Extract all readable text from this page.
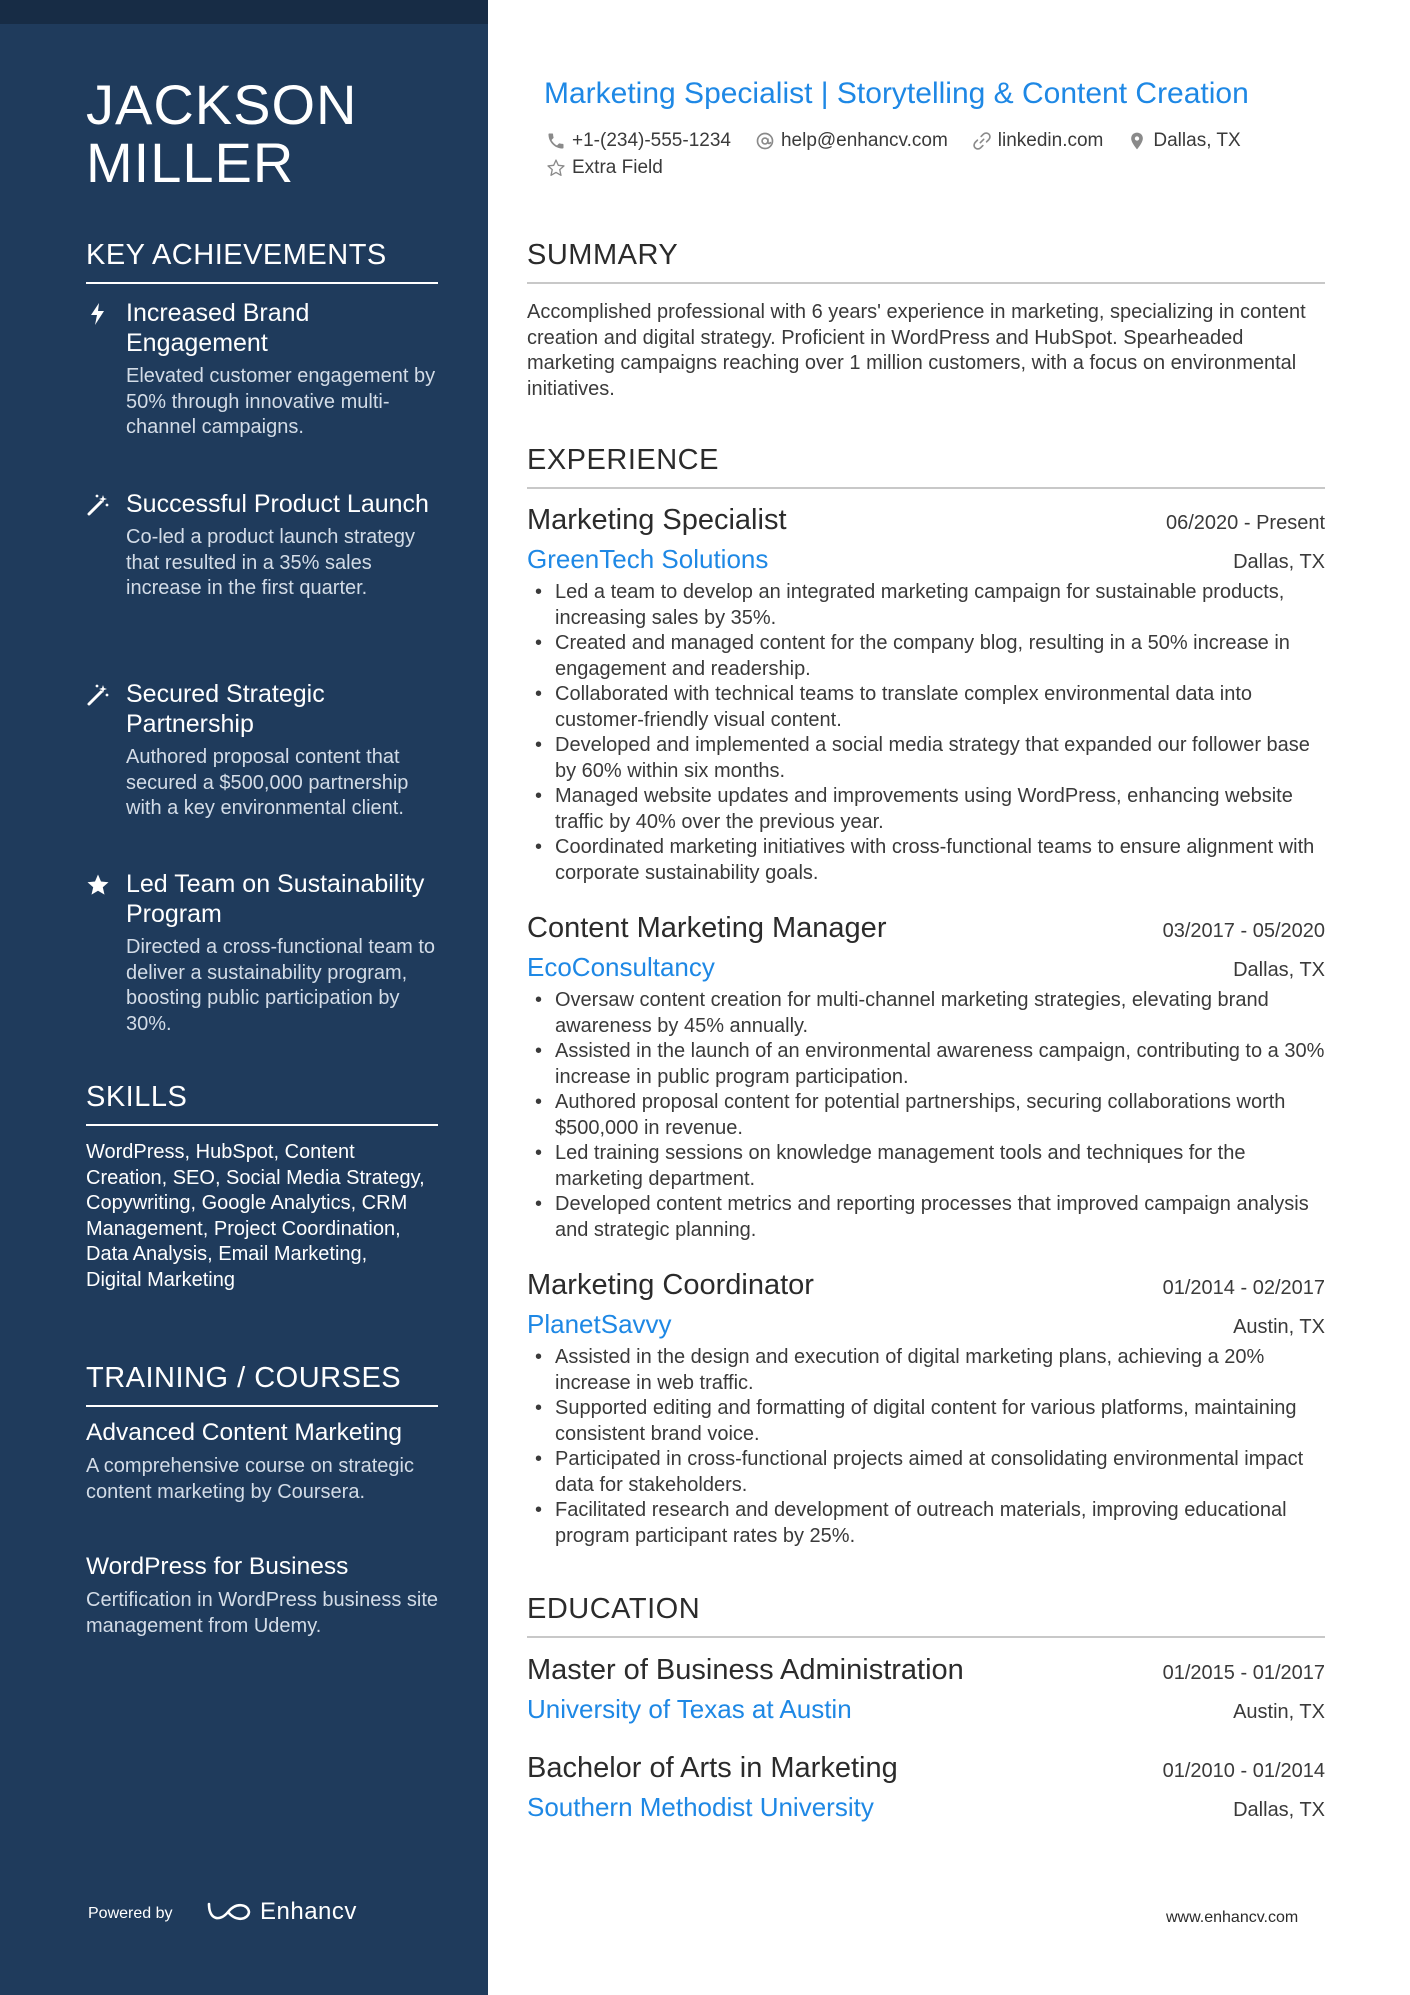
JACKSON
MILLER
KEY ACHIEVEMENTS
Increased Brand Engagement
Elevated customer engagement by 50% through innovative multi-channel campaigns.
Successful Product Launch
Co-led a product launch strategy that resulted in a 35% sales increase in the first quarter.
Secured Strategic Partnership
Authored proposal content that secured a $500,000 partnership with a key environmental client.
Led Team on Sustainability Program
Directed a cross-functional team to deliver a sustainability program, boosting public participation by 30%.
SKILLS
WordPress, HubSpot, Content Creation, SEO, Social Media Strategy, Copywriting, Google Analytics, CRM Management, Project Coordination, Data Analysis, Email Marketing, Digital Marketing
TRAINING / COURSES
Advanced Content Marketing
A comprehensive course on strategic content marketing by Coursera.
WordPress for Business
Certification in WordPress business site management from Udemy.
Powered by	Enhancv
Marketing Specialist | Storytelling & Content Creation
+1-(234)-555-1234	help@enhancv.com	linkedin.com	Dallas, TX
Extra Field
SUMMARY
Accomplished professional with 6 years' experience in marketing, specializing in content creation and digital strategy. Proficient in WordPress and HubSpot. Spearheaded marketing campaigns reaching over 1 million customers, with a focus on environmental initiatives.
EXPERIENCE
Marketing Specialist	06/2020 - Present
GreenTech Solutions	Dallas, TX
• Led a team to develop an integrated marketing campaign for sustainable products, increasing sales by 35%.
• Created and managed content for the company blog, resulting in a 50% increase in engagement and readership.
• Collaborated with technical teams to translate complex environmental data into customer-friendly visual content.
• Developed and implemented a social media strategy that expanded our follower base by 60% within six months.
• Managed website updates and improvements using WordPress, enhancing website traffic by 40% over the previous year.
• Coordinated marketing initiatives with cross-functional teams to ensure alignment with corporate sustainability goals.
Content Marketing Manager	03/2017 - 05/2020
EcoConsultancy	Dallas, TX
• Oversaw content creation for multi-channel marketing strategies, elevating brand awareness by 45% annually.
• Assisted in the launch of an environmental awareness campaign, contributing to a 30% increase in public program participation.
• Authored proposal content for potential partnerships, securing collaborations worth $500,000 in revenue.
• Led training sessions on knowledge management tools and techniques for the marketing department.
• Developed content metrics and reporting processes that improved campaign analysis and strategic planning.
Marketing Coordinator	01/2014 - 02/2017
PlanetSavvy	Austin, TX
• Assisted in the design and execution of digital marketing plans, achieving a 20% increase in web traffic.
• Supported editing and formatting of digital content for various platforms, maintaining consistent brand voice.
• Participated in cross-functional projects aimed at consolidating environmental impact data for stakeholders.
• Facilitated research and development of outreach materials, improving educational program participant rates by 25%.
EDUCATION
Master of Business Administration	01/2015 - 01/2017
University of Texas at Austin	Austin, TX
Bachelor of Arts in Marketing	01/2010 - 01/2014
Southern Methodist University	Dallas, TX
www.enhancv.com
